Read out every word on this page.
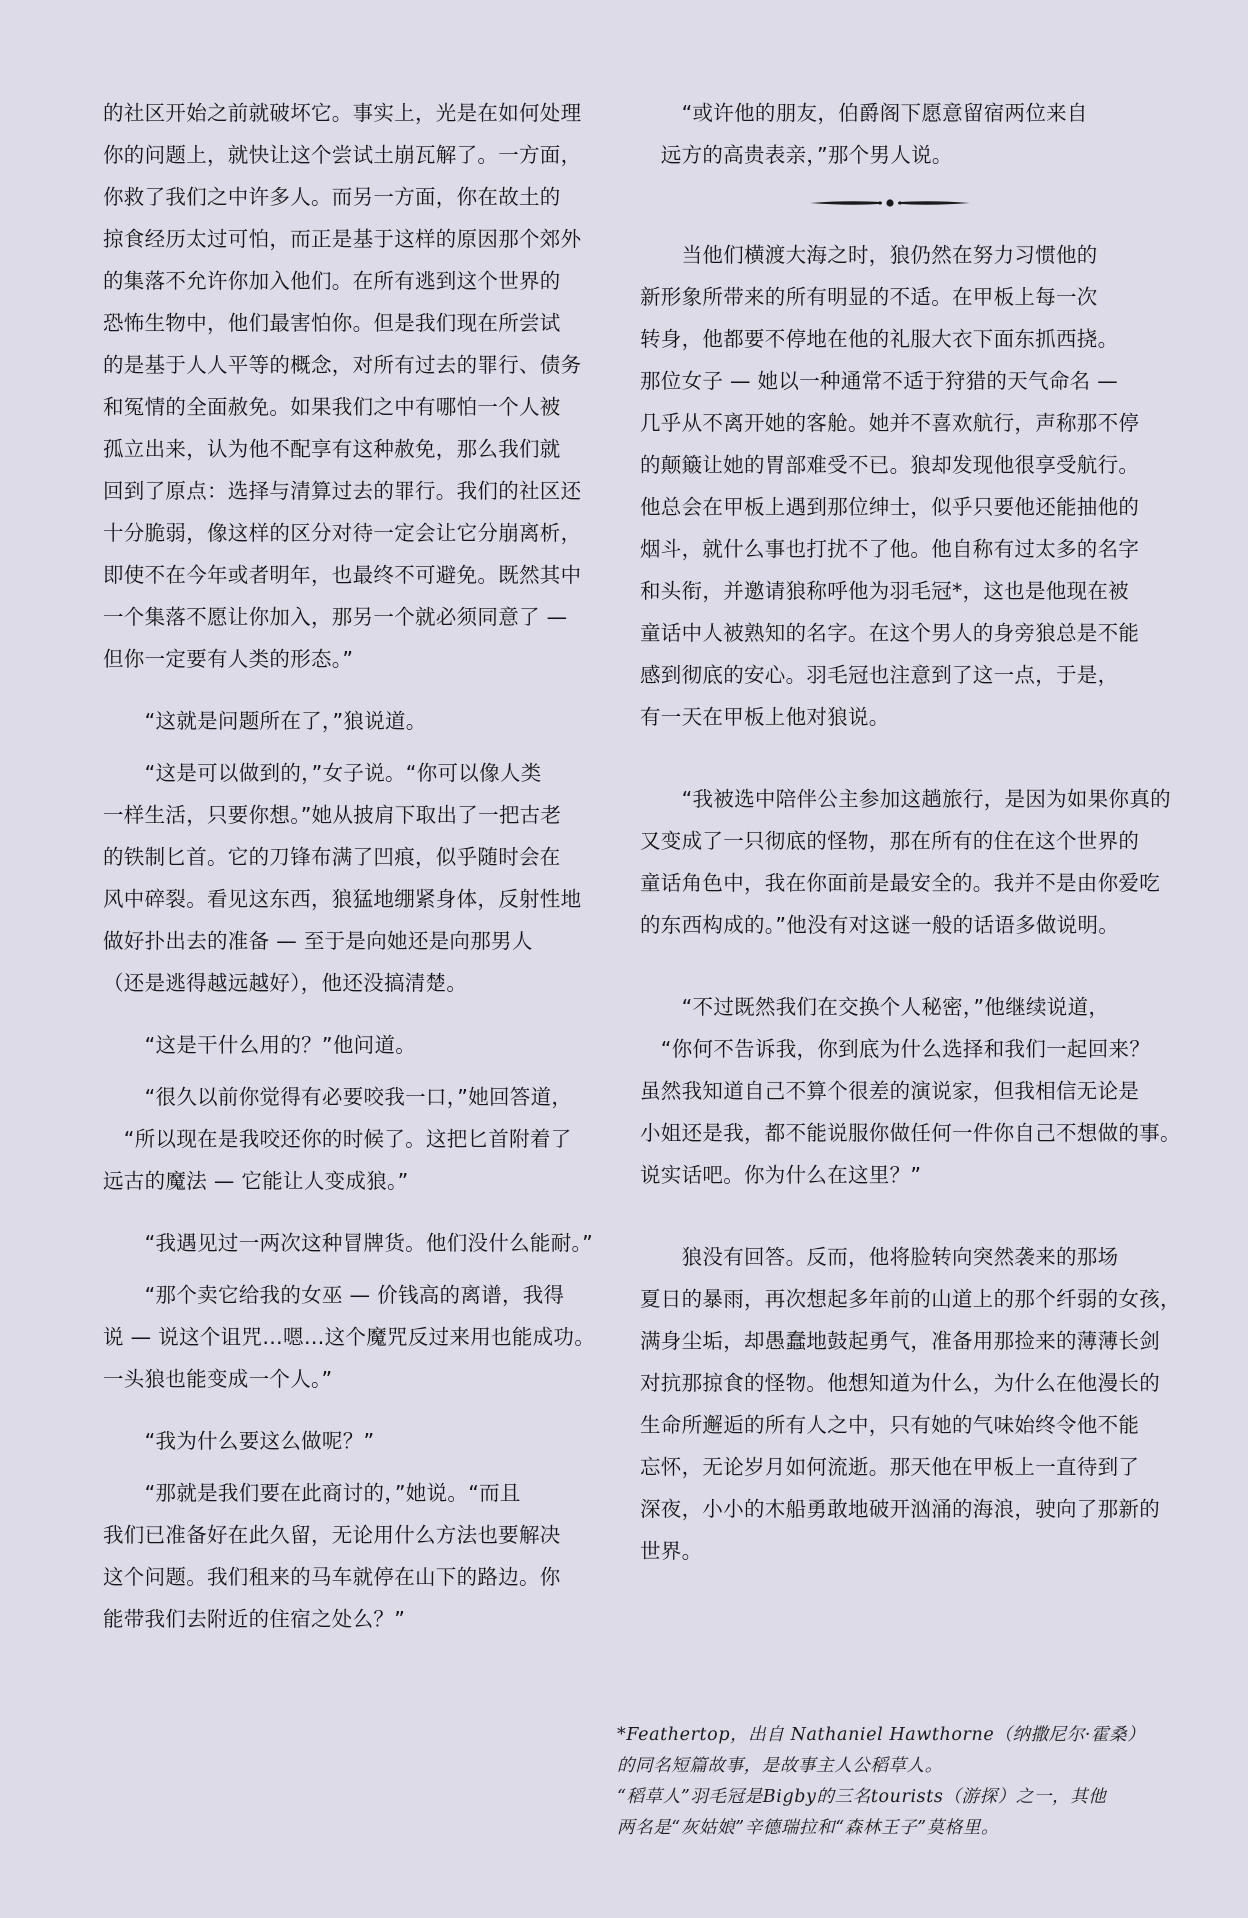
的社区开始之前就破坏它。事实上，光是在如何处理
你的问题上，就快让这个尝试土崩瓦解了。一方面，
你救了我们之中许多人。而另一方面，你在故土的
掠食经历太过可怕，而正是基于这样的原因那个郊外
的集落不允许你加入他们。在所有逃到这个世界的
恐怖生物中，他们最害怕你。但是我们现在所尝试
的是基于人人平等的概念，对所有过去的罪行、债务
和冤情的全面赦免。如果我们之中有哪怕一个人被
孤立出来，认为他不配享有这种赦免，那么我们就
回到了原点：选择与清算过去的罪行。我们的社区还
十分脆弱，像这样的区分对待一定会让它分崩离析，
即使不在今年或者明年，也最终不可避免。既然其中
一个集落不愿让你加入，那另一个就必须同意了 —
但你一定要有人类的形态。”

　　“这就是问题所在了，”狼说道。

　　“这是可以做到的，”女子说。“你可以像人类
一样生活，只要你想。”她从披肩下取出了一把古老
的铁制匕首。它的刀锋布满了凹痕，似乎随时会在
风中碎裂。看见这东西，狼猛地绷紧身体，反射性地
做好扑出去的准备 — 至于是向她还是向那男人
（还是逃得越远越好），他还没搞清楚。

　　“这是干什么用的？”他问道。

　　“很久以前你觉得有必要咬我一口，”她回答道，
　“所以现在是我咬还你的时候了。这把匕首附着了
远古的魔法 — 它能让人变成狼。”

　　“我遇见过一两次这种冒牌货。他们没什么能耐。”

　　“那个卖它给我的女巫 — 价钱高的离谱，我得
说 — 说这个诅咒…嗯…这个魔咒反过来用也能成功。
一头狼也能变成一个人。”

　　“我为什么要这么做呢？”

　　“那就是我们要在此商讨的，”她说。“而且
我们已准备好在此久留，无论用什么方法也要解决
这个问题。我们租来的马车就停在山下的路边。你
能带我们去附近的住宿之处么？”

　　“或许他的朋友，伯爵阁下愿意留宿两位来自
　远方的高贵表亲，”那个男人说。

　　当他们横渡大海之时，狼仍然在努力习惯他的
新形象所带来的所有明显的不适。在甲板上每一次
转身，他都要不停地在他的礼服大衣下面东抓西挠。
那位女子 — 她以一种通常不适于狩猎的天气命名 —
几乎从不离开她的客舱。她并不喜欢航行，声称那不停
的颠簸让她的胃部难受不已。狼却发现他很享受航行。
他总会在甲板上遇到那位绅士，似乎只要他还能抽他的
烟斗，就什么事也打扰不了他。他自称有过太多的名字
和头衔，并邀请狼称呼他为羽毛冠*，这也是他现在被
童话中人被熟知的名字。在这个男人的身旁狼总是不能
感到彻底的安心。羽毛冠也注意到了这一点，于是，
有一天在甲板上他对狼说。

　　“我被选中陪伴公主参加这趟旅行，是因为如果你真的
又变成了一只彻底的怪物，那在所有的住在这个世界的
童话角色中，我在你面前是最安全的。我并不是由你爱吃
的东西构成的。”他没有对这谜一般的话语多做说明。

　　“不过既然我们在交换个人秘密，”他继续说道，
　“你何不告诉我，你到底为什么选择和我们一起回来？
虽然我知道自己不算个很差的演说家，但我相信无论是
小姐还是我，都不能说服你做任何一件你自己不想做的事。
说实话吧。你为什么在这里？”

　　狼没有回答。反而，他将脸转向突然袭来的那场
夏日的暴雨，再次想起多年前的山道上的那个纤弱的女孩，
满身尘垢，却愚蠢地鼓起勇气，准备用那捡来的薄薄长剑
对抗那掠食的怪物。他想知道为什么，为什么在他漫长的
生命所邂逅的所有人之中，只有她的气味始终令他不能
忘怀，无论岁月如何流逝。那天他在甲板上一直待到了
深夜，小小的木船勇敢地破开汹涌的海浪，驶向了那新的
世界。

*Feathertop，出自 Nathaniel Hawthorne（纳撒尼尔·霍桑）
的同名短篇故事，是故事主人公稻草人。
“稻草人”羽毛冠是Bigby的三名tourists（游探）之一，其他
两名是“灰姑娘”辛德瑞拉和“森林王子”莫格里。
